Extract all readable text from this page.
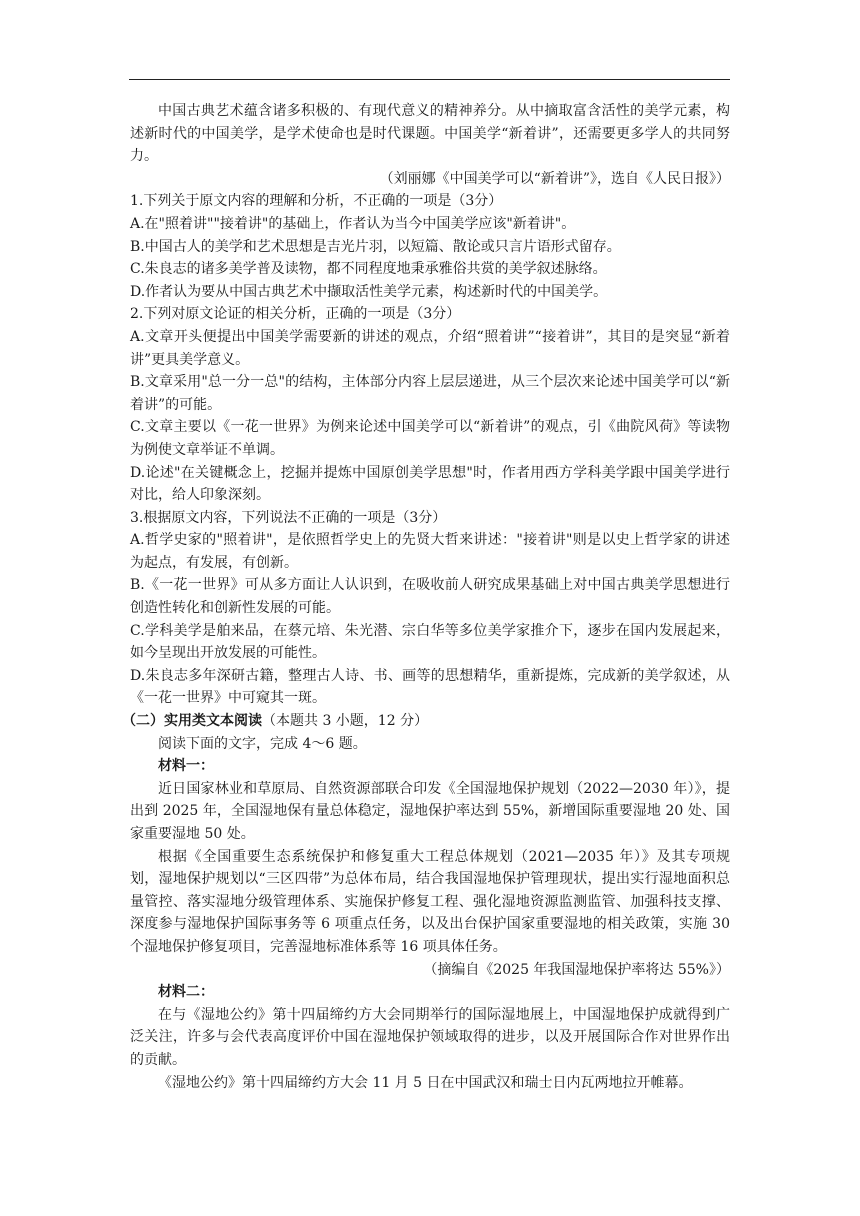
中国古典艺术蕴含诸多积极的、有现代意义的精神养分。从中摘取富含活性的美学元素，构述新时代的中国美学，是学术使命也是时代课题。中国美学“新着讲”，还需要更多学人的共同努力。

（刘丽娜《中国美学可以“新着讲”》，选自《人民日报》）

1.下列关于原文内容的理解和分析，不正确的一项是（3分）

A.在"照着讲""接着讲"的基础上，作者认为当今中国美学应该"新着讲"。

B.中国古人的美学和艺术思想是吉光片羽，以短篇、散论或只言片语形式留存。

C.朱良志的诸多美学普及读物，都不同程度地秉承雅俗共赏的美学叙述脉络。

D.作者认为要从中国古典艺术中撷取活性美学元素，构述新时代的中国美学。

2.下列对原文论证的相关分析，正确的一项是（3分）

A.文章开头便提出中国美学需要新的讲述的观点，介绍“照着讲”“接着讲”，其目的是突显“新着讲”更具美学意义。

B.文章采用"总一分一总"的结构，主体部分内容上层层递进，从三个层次来论述中国美学可以“新着讲”的可能。

C.文章主要以《一花一世界》为例来论述中国美学可以“新着讲”的观点，引《曲院风荷》等读物为例使文章举证不单调。

D.论述"在关键概念上，挖掘并提炼中国原创美学思想"时，作者用西方学科美学跟中国美学进行对比，给人印象深刻。

3.根据原文内容，下列说法不正确的一项是（3分）

A.哲学史家的"照着讲"，是依照哲学史上的先贤大哲来讲述："接着讲"则是以史上哲学家的讲述为起点，有发展，有创新。

B.《一花一世界》可从多方面让人认识到，在吸收前人研究成果基础上对中国古典美学思想进行创造性转化和创新性发展的可能。

C.学科美学是舶来品，在蔡元培、朱光潜、宗白华等多位美学家推介下，逐步在国内发展起来，如今呈现出开放发展的可能性。

D.朱良志多年深研古籍，整理古人诗、书、画等的思想精华，重新提炼，完成新的美学叙述，从《一花一世界》中可窥其一斑。

（二）实用类文本阅读（本题共 3 小题，12 分）

阅读下面的文字，完成 4～6 题。

材料一：

近日国家林业和草原局、自然资源部联合印发《全国湿地保护规划（2022—2030 年）》，提出到 2025 年，全国湿地保有量总体稳定，湿地保护率达到 55%，新增国际重要湿地 20 处、国家重要湿地 50 处。

根据《全国重要生态系统保护和修复重大工程总体规划（2021—2035 年）》及其专项规划，湿地保护规划以“三区四带”为总体布局，结合我国湿地保护管理现状，提出实行湿地面积总量管控、落实湿地分级管理体系、实施保护修复工程、强化湿地资源监测监管、加强科技支撑、深度参与湿地保护国际事务等 6 项重点任务，以及出台保护国家重要湿地的相关政策，实施 30 个湿地保护修复项目，完善湿地标准体系等 16 项具体任务。

（摘编自《2025 年我国湿地保护率将达 55%》）

材料二：

在与《湿地公约》第十四届缔约方大会同期举行的国际湿地展上，中国湿地保护成就得到广泛关注，许多与会代表高度评价中国在湿地保护领域取得的进步，以及开展国际合作对世界作出的贡献。

《湿地公约》第十四届缔约方大会 11 月 5 日在中国武汉和瑞士日内瓦两地拉开帷幕。
